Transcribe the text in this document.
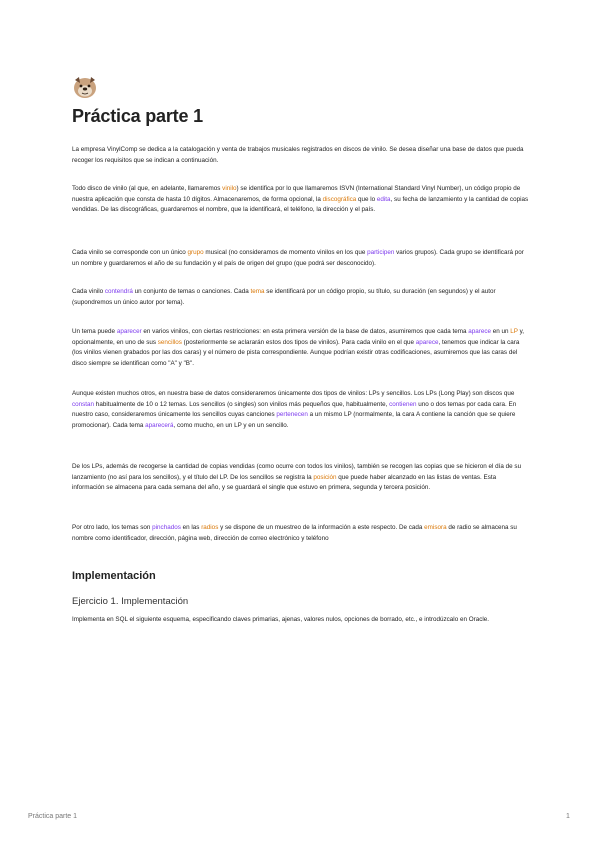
Práctica parte 1

La empresa VinylComp se dedica a la catalogación y venta de trabajos musicales registrados en discos de vinilo. Se desea diseñar una base de datos que pueda recoger los requisitos que se indican a continuación.

Todo disco de vinilo (al que, en adelante, llamaremos vinilo) se identifica por lo que llamaremos ISVN (International Standard Vinyl Number), un código propio de nuestra aplicación que consta de hasta 10 dígitos. Almacenaremos, de forma opcional, la discográfica que lo edita, su fecha de lanzamiento y la cantidad de copias vendidas. De las discográficas, guardaremos el nombre, que la identificará, el teléfono, la dirección y el país.

Cada vinilo se corresponde con un único grupo musical (no consideramos de momento vinilos en los que participen varios grupos). Cada grupo se identificará por un nombre y guardaremos el año de su fundación y el país de origen del grupo (que podrá ser desconocido).

Cada vinilo contendrá un conjunto de temas o canciones. Cada tema se identificará por un código propio, su título, su duración (en segundos) y el autor (supondremos un único autor por tema).

Un tema puede aparecer en varios vinilos, con ciertas restricciones: en esta primera versión de la base de datos, asumiremos que cada tema aparece en un LP y, opcionalmente, en uno de sus sencillos (posteriormente se aclararán estos dos tipos de vinilos). Para cada vinilo en el que aparece, tenemos que indicar la cara (los vinilos vienen grabados por las dos caras) y el número de pista correspondiente. Aunque podrían existir otras codificaciones, asumiremos que las caras del disco siempre se identifican como "A" y "B".

Aunque existen muchos otros, en nuestra base de datos consideraremos únicamente dos tipos de vinilos: LPs y sencillos. Los LPs (Long Play) son discos que constan habitualmente de 10 o 12 temas. Los sencillos (o singles) son vinilos más pequeños que, habitualmente, contienen uno o dos temas por cada cara. En nuestro caso, consideraremos únicamente los sencillos cuyas canciones pertenecen a un mismo LP (normalmente, la cara A contiene la canción que se quiere promocionar). Cada tema aparecerá, como mucho, en un LP y en un sencillo.

De los LPs, además de recogerse la cantidad de copias vendidas (como ocurre con todos los vinilos), también se recogen las copias que se hicieron el día de su lanzamiento (no así para los sencillos), y el título del LP. De los sencillos se registra la posición que puede haber alcanzado en las listas de ventas. Esta información se almacena para cada semana del año, y se guardará el single que estuvo en primera, segunda y tercera posición.

Por otro lado, los temas son pinchados en las radios y se dispone de un muestreo de la información a este respecto. De cada emisora de radio se almacena su nombre como identificador, dirección, página web, dirección de correo electrónico y teléfono

Implementación
Ejercicio 1. Implementación

Implementa en SQL el siguiente esquema, especificando claves primarias, ajenas, valores nulos, opciones de borrado, etc., e introdúzcalo en Oracle.

Práctica parte 1	1
